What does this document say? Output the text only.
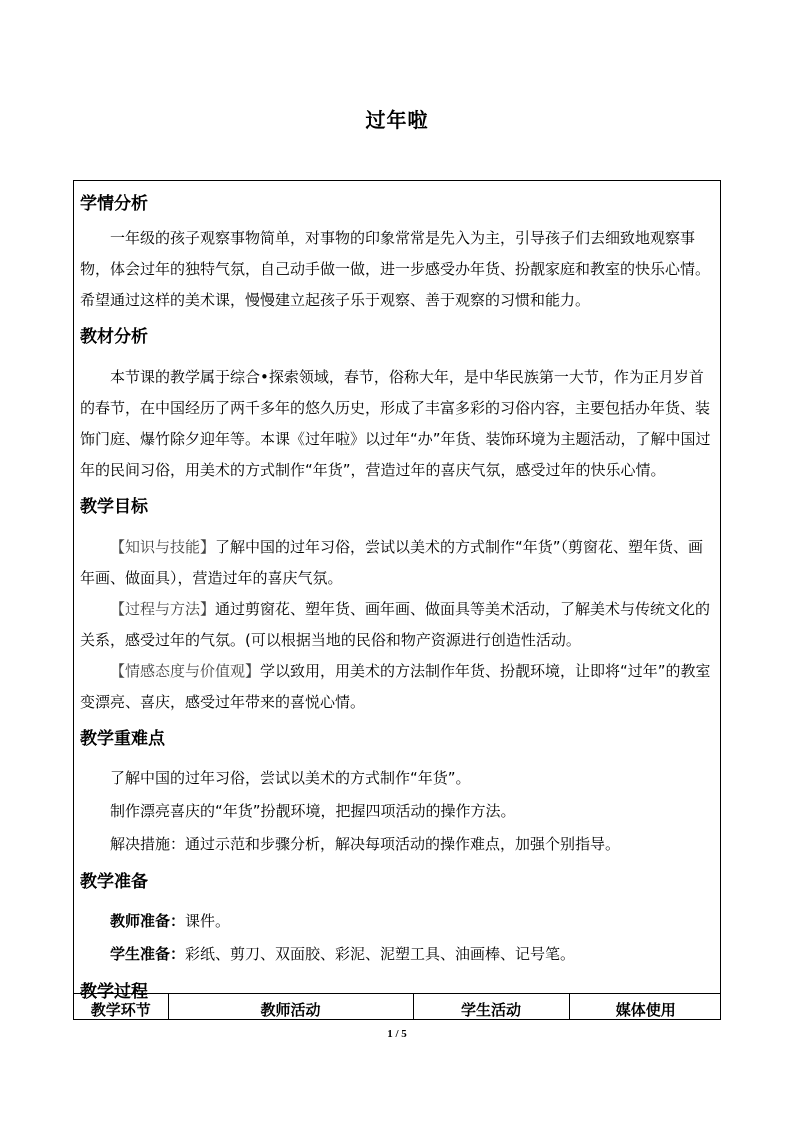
过年啦
学情分析

一年级的孩子观察事物简单，对事物的印象常常是先入为主，引导孩子们去细致地观察事物，体会过年的独特气氛，自己动手做一做，进一步感受办年货、扮靓家庭和教室的快乐心情。希望通过这样的美术课，慢慢建立起孩子乐于观察、善于观察的习惯和能力。

教材分析

本节课的教学属于综合•探索领域，春节，俗称大年，是中华民族第一大节，作为正月岁首的春节，在中国经历了两千多年的悠久历史，形成了丰富多彩的习俗内容，主要包括办年货、装饰门庭、爆竹除夕迎年等。本课《过年啦》以过年“办”年货、装饰环境为主题活动，了解中国过年的民间习俗，用美术的方式制作“年货”，营造过年的喜庆气氛，感受过年的快乐心情。

教学目标

【知识与技能】了解中国的过年习俗，尝试以美术的方式制作“年货”（剪窗花、塑年货、画年画、做面具），营造过年的喜庆气氛。

【过程与方法】通过剪窗花、塑年货、画年画、做面具等美术活动，了解美术与传统文化的关系，感受过年的气氛。(可以根据当地的民俗和物产资源进行创造性活动。

【情感态度与价值观】学以致用，用美术的方法制作年货、扮靓环境，让即将“过年”的教室变漂亮、喜庆，感受过年带来的喜悦心情。

教学重难点

了解中国的过年习俗，尝试以美术的方式制作“年货”。

制作漂亮喜庆的“年货”扮靓环境，把握四项活动的操作方法。

解决措施：通过示范和步骤分析，解决每项活动的操作难点，加强个别指导。

教学准备

教师准备：课件。

学生准备：彩纸、剪刀、双面胶、彩泥、泥塑工具、油画棒、记号笔。

教学过程
教学环节	教师活动	学生活动	媒体使用
1 / 5
